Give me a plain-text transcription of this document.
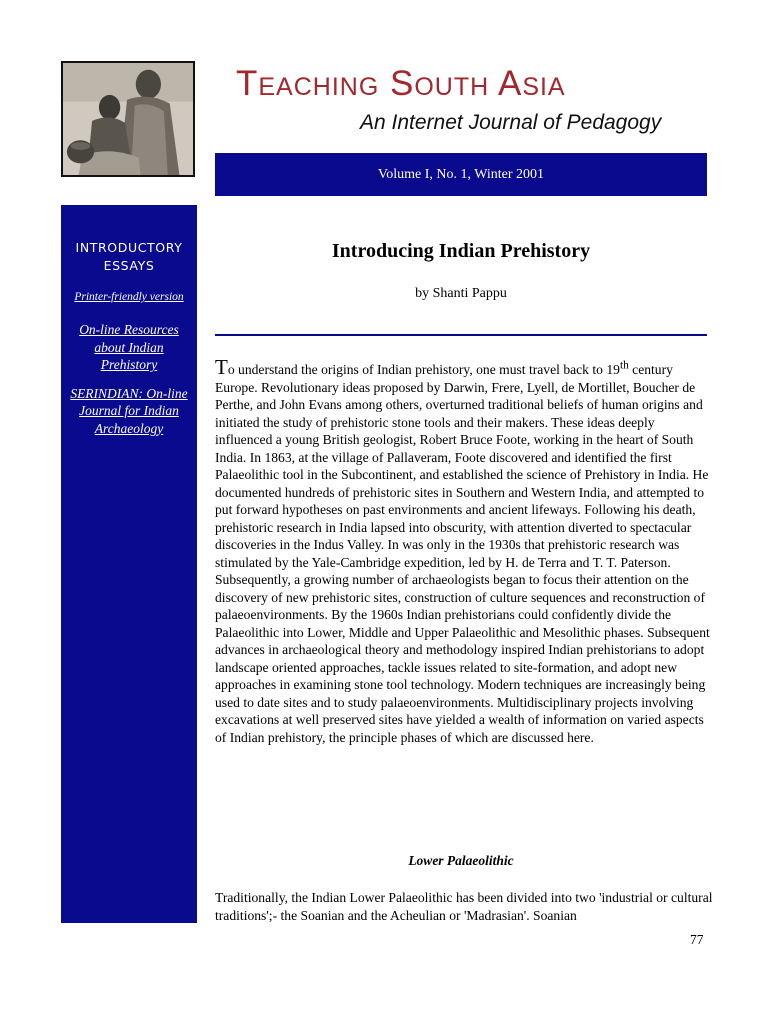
Teaching South Asia
An Internet Journal of Pedagogy
Volume I, No. 1, Winter 2001
INTRODUCTORY ESSAYS
Printer-friendly version
On-line Resources about Indian Prehistory
SERINDIAN: On-line Journal for Indian Archaeology
Introducing Indian Prehistory
by Shanti Pappu

To understand the origins of Indian prehistory, one must travel back to 19th century Europe. Revolutionary ideas proposed by Darwin, Frere, Lyell, de Mortillet, Boucher de Perthe, and John Evans among others, overturned traditional beliefs of human origins and initiated the study of prehistoric stone tools and their makers. These ideas deeply influenced a young British geologist, Robert Bruce Foote, working in the heart of South India. In 1863, at the village of Pallaveram, Foote discovered and identified the first Palaeolithic tool in the Subcontinent, and established the science of Prehistory in India. He documented hundreds of prehistoric sites in Southern and Western India, and attempted to put forward hypotheses on past environments and ancient lifeways. Following his death, prehistoric research in India lapsed into obscurity, with attention diverted to spectacular discoveries in the Indus Valley. In was only in the 1930s that prehistoric research was stimulated by the Yale-Cambridge expedition, led by H. de Terra and T. T. Paterson. Subsequently, a growing number of archaeologists began to focus their attention on the discovery of new prehistoric sites, construction of culture sequences and reconstruction of palaeoenvironments. By the 1960s Indian prehistorians could confidently divide the Palaeolithic into Lower, Middle and Upper Palaeolithic and Mesolithic phases. Subsequent advances in archaeological theory and methodology inspired Indian prehistorians to adopt landscape oriented approaches, tackle issues related to site-formation, and adopt new approaches in examining stone tool technology. Modern techniques are increasingly being used to date sites and to study palaeoenvironments. Multidisciplinary projects involving excavations at well preserved sites have yielded a wealth of information on varied aspects of Indian prehistory, the principle phases of which are discussed here.

Lower Palaeolithic

Traditionally, the Indian Lower Palaeolithic has been divided into two 'industrial or cultural traditions';- the Soanian and the Acheulian or 'Madrasian'. Soanian

77
